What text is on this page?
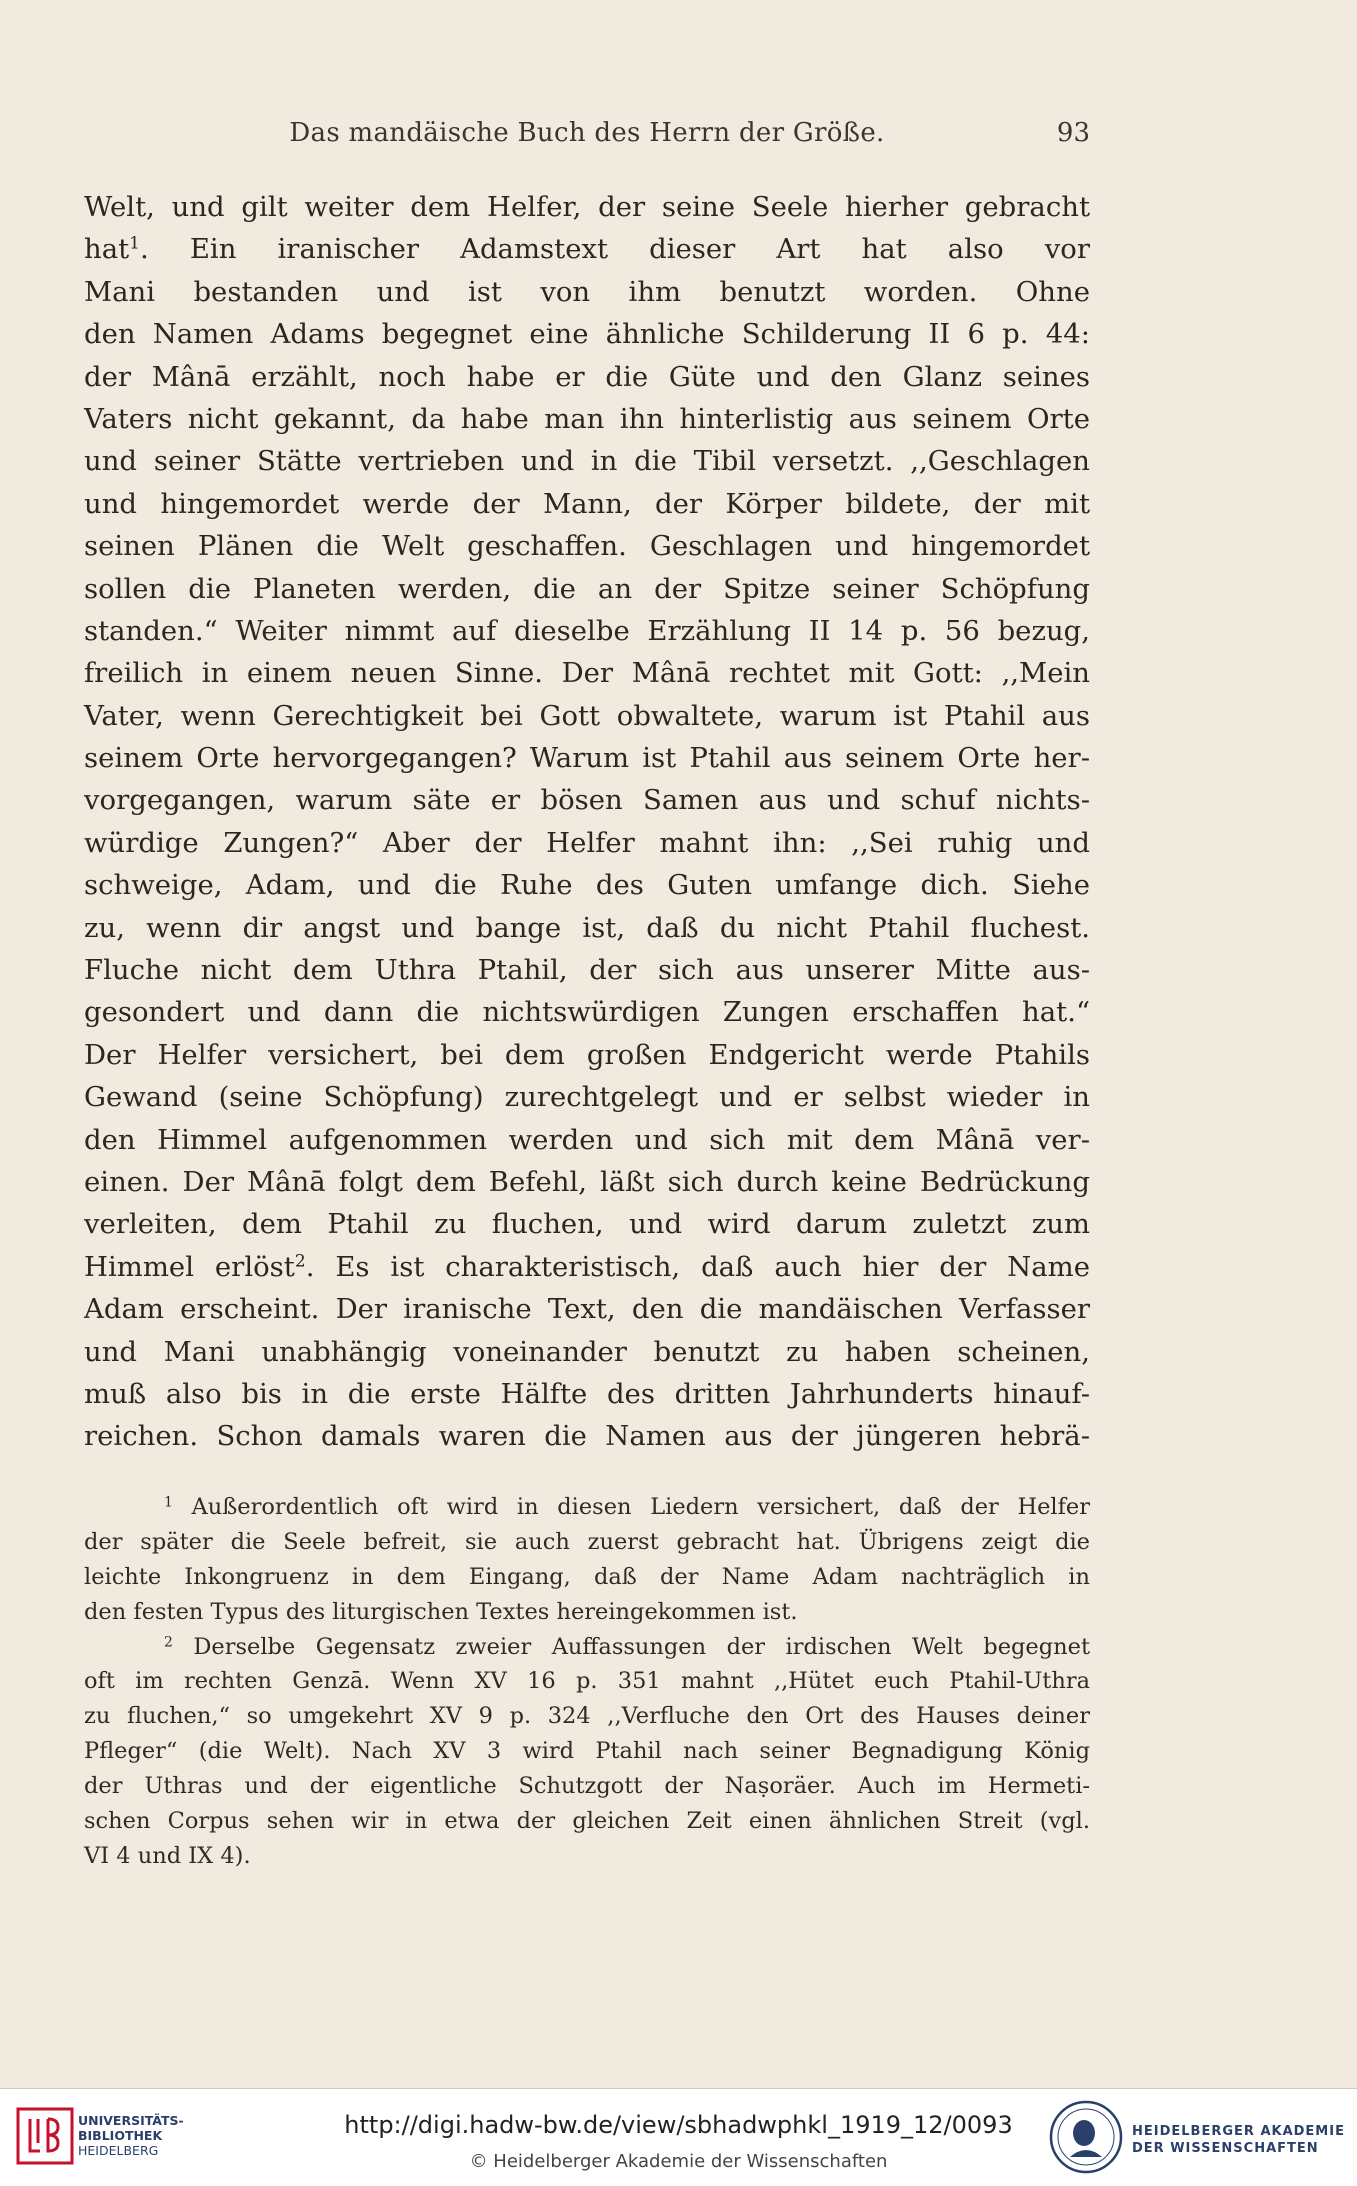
Das mandäische Buch des Herrn der Größe.	93
Welt, und gilt weiter dem Helfer, der seine Seele hierher gebracht
hat$^1$. Ein iranischer Adamstext dieser Art hat also vor
Mani bestanden und ist von ihm benutzt worden. Ohne
den Namen Adams begegnet eine ähnliche Schilderung II 6 p. 44:
der Mânā erzählt, noch habe er die Güte und den Glanz seines
Vaters nicht gekannt, da habe man ihn hinterlistig aus seinem Orte
und seiner Stätte vertrieben und in die Tibil versetzt. ,,Geschlagen
und hingemordet werde der Mann, der Körper bildete, der mit
seinen Plänen die Welt geschaffen. Geschlagen und hingemordet
sollen die Planeten werden, die an der Spitze seiner Schöpfung
standen.“ Weiter nimmt auf dieselbe Erzählung II 14 p. 56 bezug,
freilich in einem neuen Sinne. Der Mânā rechtet mit Gott: ,,Mein
Vater, wenn Gerechtigkeit bei Gott obwaltete, warum ist Ptahil aus
seinem Orte hervorgegangen? Warum ist Ptahil aus seinem Orte her-
vorgegangen, warum säte er bösen Samen aus und schuf nichts-
würdige Zungen?“ Aber der Helfer mahnt ihn: ,,Sei ruhig und
schweige, Adam, und die Ruhe des Guten umfange dich. Siehe
zu, wenn dir angst und bange ist, daß du nicht Ptahil fluchest.
Fluche nicht dem Uthra Ptahil, der sich aus unserer Mitte aus-
gesondert und dann die nichtswürdigen Zungen erschaffen hat.“
Der Helfer versichert, bei dem großen Endgericht werde Ptahils
Gewand (seine Schöpfung) zurechtgelegt und er selbst wieder in
den Himmel aufgenommen werden und sich mit dem Mânā ver-
einen. Der Mânā folgt dem Befehl, läßt sich durch keine Bedrückung
verleiten, dem Ptahil zu fluchen, und wird darum zuletzt zum
Himmel erlöst$^2$. Es ist charakteristisch, daß auch hier der Name
Adam erscheint. Der iranische Text, den die mandäischen Verfasser
und Mani unabhängig voneinander benutzt zu haben scheinen,
muß also bis in die erste Hälfte des dritten Jahrhunderts hinauf-
reichen. Schon damals waren die Namen aus der jüngeren hebrä-
$^1$ Außerordentlich oft wird in diesen Liedern versichert, daß der Helfer
der später die Seele befreit, sie auch zuerst gebracht hat. Übrigens zeigt die
leichte Inkongruenz in dem Eingang, daß der Name Adam nachträglich in
den festen Typus des liturgischen Textes hereingekommen ist.
$^2$ Derselbe Gegensatz zweier Auffassungen der irdischen Welt begegnet
oft im rechten Genzā. Wenn XV 16 p. 351 mahnt ,,Hütet euch Ptahil-Uthra
zu fluchen,“ so umgekehrt XV 9 p. 324 ,,Verfluche den Ort des Hauses deiner
Pfleger“ (die Welt). Nach XV 3 wird Ptahil nach seiner Begnadigung König
der Uthras und der eigentliche Schutzgott der Naṣoräer. Auch im Hermeti-
schen Corpus sehen wir in etwa der gleichen Zeit einen ähnlichen Streit (vgl.
VI 4 und IX 4).
UNIVERSITÄTS-
BIBLIOTHEK
HEIDELBERG
http://digi.hadw-bw.de/view/sbhadwphkl_1919_12/0093
© Heidelberger Akademie der Wissenschaften
HEIDELBERGER AKADEMIE
DER WISSENSCHAFTEN
